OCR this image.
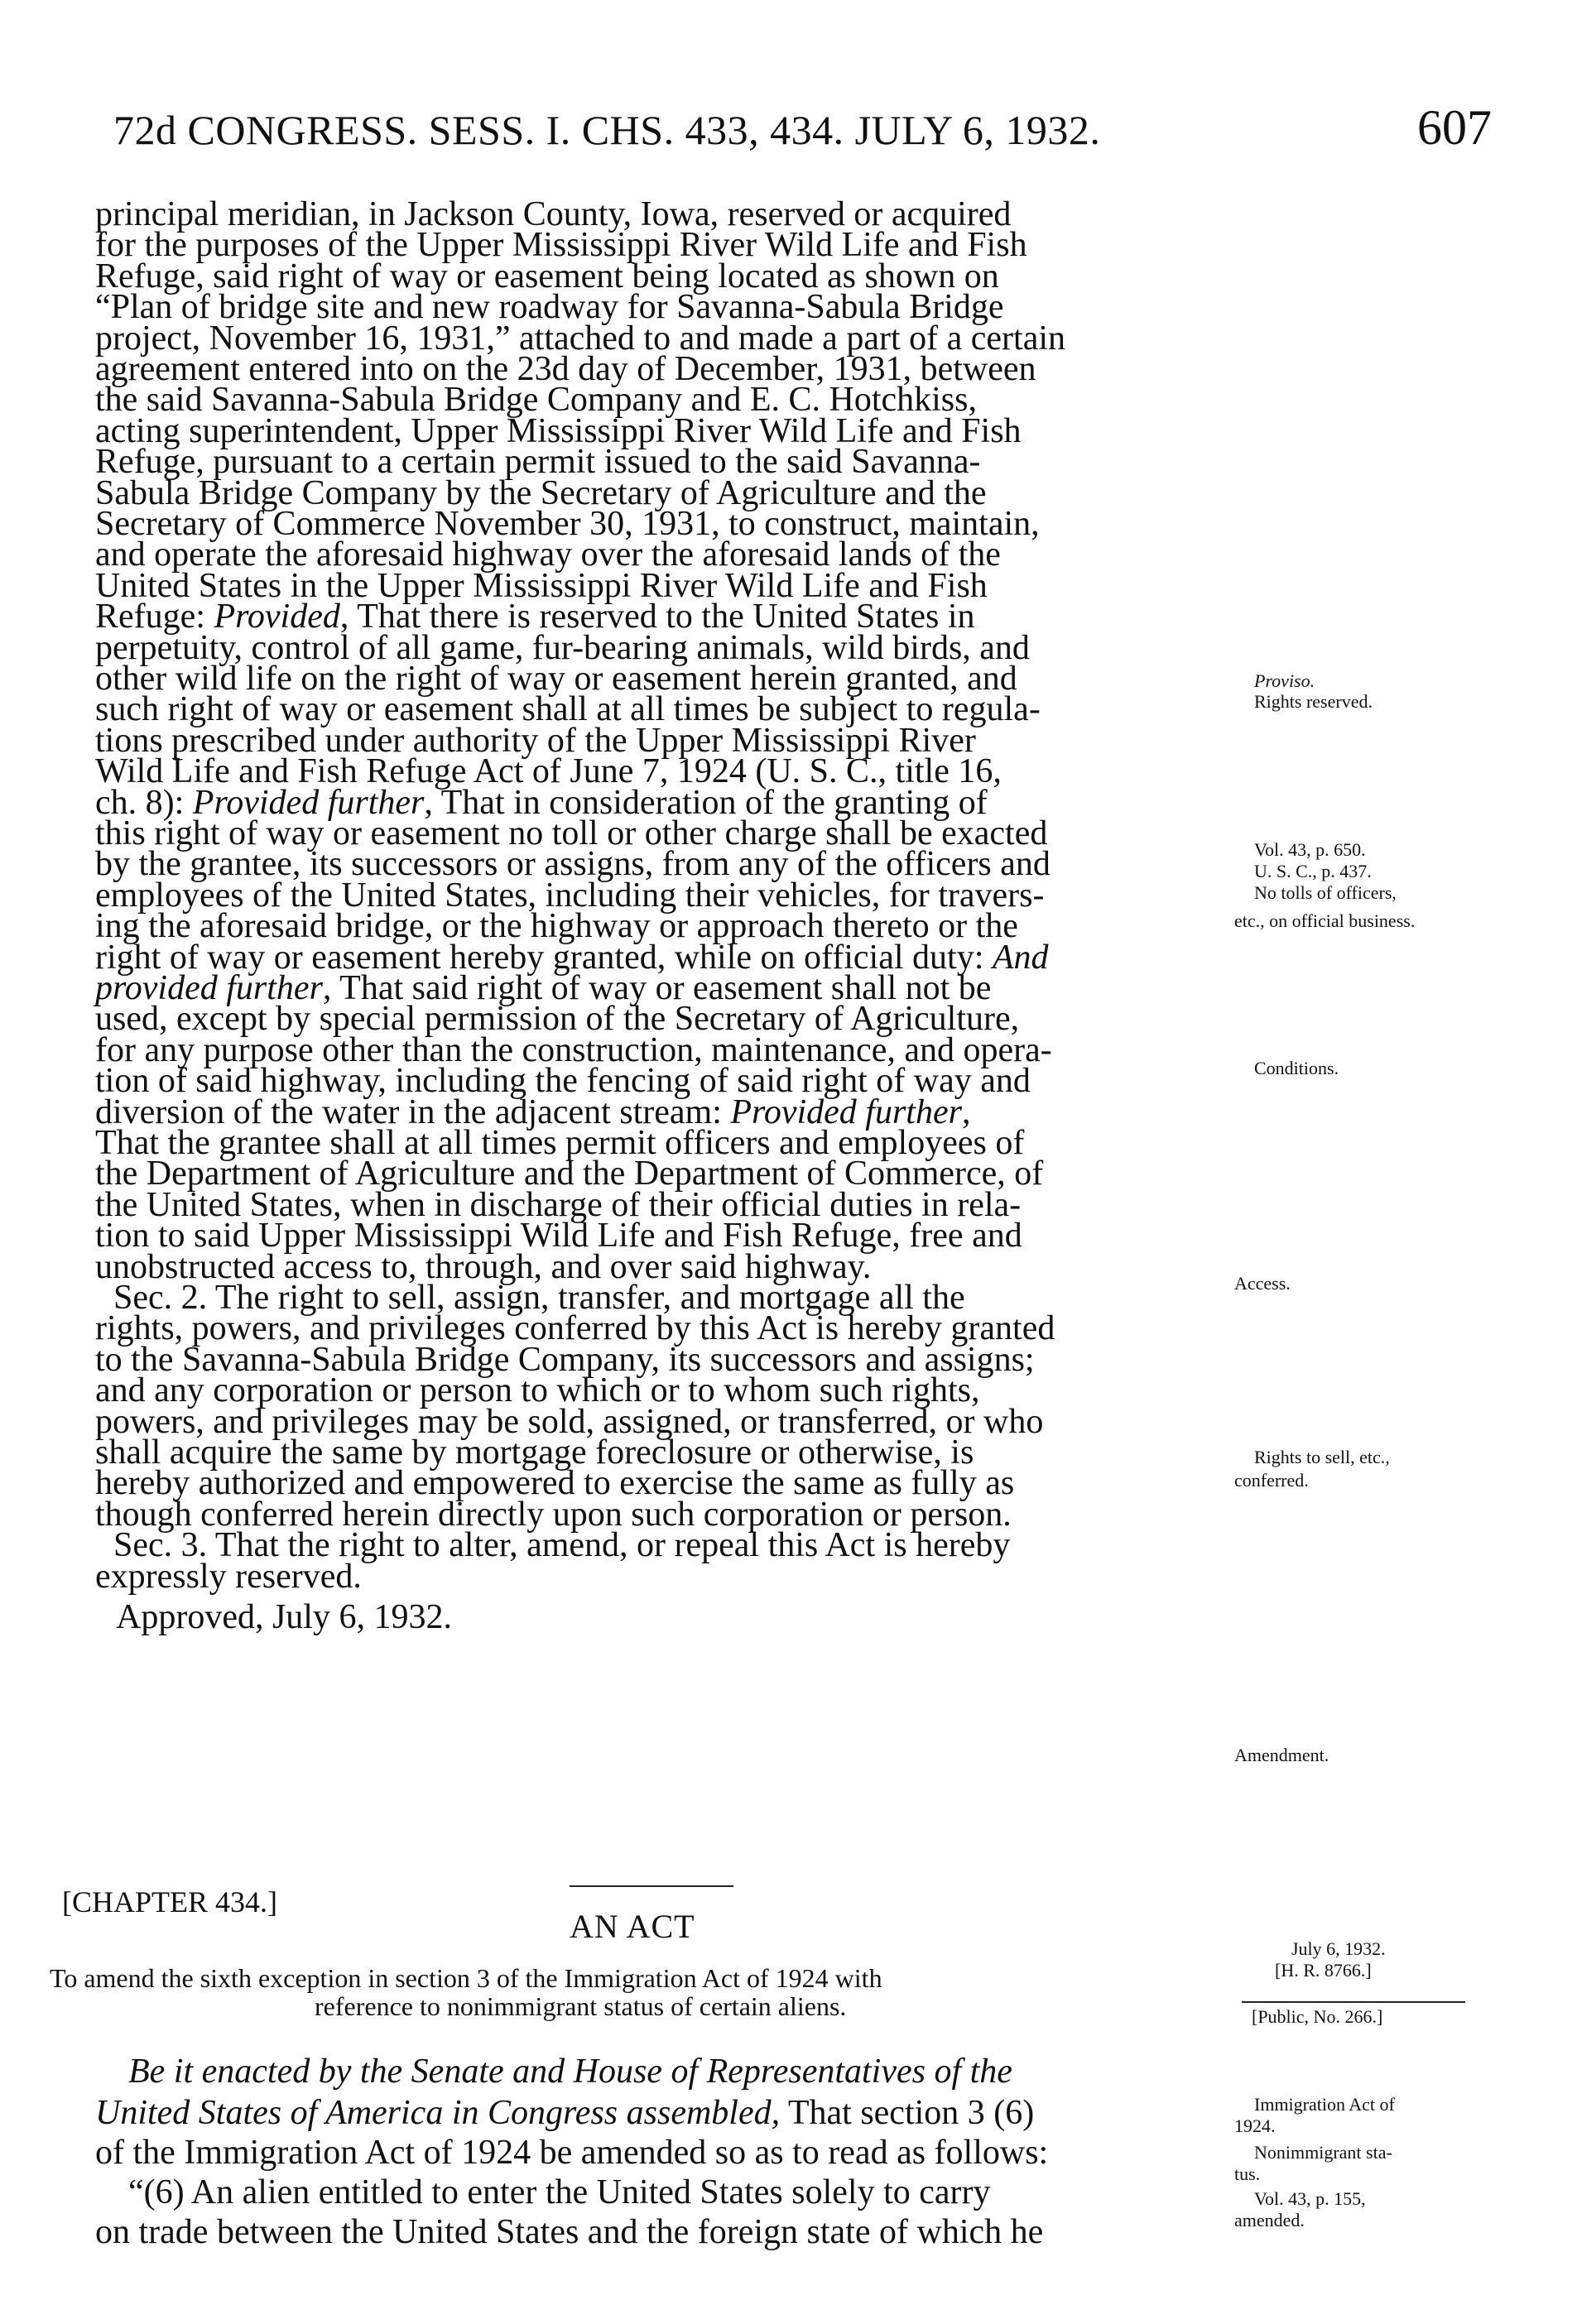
72d CONGRESS. SESS. I. CHS. 433, 434. JULY 6, 1932.	607
principal meridian, in Jackson County, Iowa, reserved or acquired
for the purposes of the Upper Mississippi River Wild Life and Fish
Refuge, said right of way or easement being located as shown on
“Plan of bridge site and new roadway for Savanna-Sabula Bridge
project, November 16, 1931,” attached to and made a part of a certain
agreement entered into on the 23d day of December, 1931, between
the said Savanna-Sabula Bridge Company and E. C. Hotchkiss,
acting superintendent, Upper Mississippi River Wild Life and Fish
Refuge, pursuant to a certain permit issued to the said Savanna-
Sabula Bridge Company by the Secretary of Agriculture and the
Secretary of Commerce November 30, 1931, to construct, maintain,
and operate the aforesaid highway over the aforesaid lands of the
United States in the Upper Mississippi River Wild Life and Fish
Refuge: Provided, That there is reserved to the United States in
perpetuity, control of all game, fur-bearing animals, wild birds, and
other wild life on the right of way or easement herein granted, and
such right of way or easement shall at all times be subject to regula-
tions prescribed under authority of the Upper Mississippi River
Wild Life and Fish Refuge Act of June 7, 1924 (U. S. C., title 16,
ch. 8): Provided further, That in consideration of the granting of
this right of way or easement no toll or other charge shall be exacted
by the grantee, its successors or assigns, from any of the officers and
employees of the United States, including their vehicles, for travers-
ing the aforesaid bridge, or the highway or approach thereto or the
right of way or easement hereby granted, while on official duty: And
provided further, That said right of way or easement shall not be
used, except by special permission of the Secretary of Agriculture,
for any purpose other than the construction, maintenance, and opera-
tion of said highway, including the fencing of said right of way and
diversion of the water in the adjacent stream: Provided further,
That the grantee shall at all times permit officers and employees of
the Department of Agriculture and the Department of Commerce, of
the United States, when in discharge of their official duties in rela-
tion to said Upper Mississippi Wild Life and Fish Refuge, free and
unobstructed access to, through, and over said highway.
Sec. 2. The right to sell, assign, transfer, and mortgage all the
rights, powers, and privileges conferred by this Act is hereby granted
to the Savanna-Sabula Bridge Company, its successors and assigns;
and any corporation or person to which or to whom such rights,
powers, and privileges may be sold, assigned, or transferred, or who
shall acquire the same by mortgage foreclosure or otherwise, is
hereby authorized and empowered to exercise the same as fully as
though conferred herein directly upon such corporation or person.
Sec. 3. That the right to alter, amend, or repeal this Act is hereby
expressly reserved.
Approved, July 6, 1932.
Proviso.
Rights reserved.
Vol. 43, p. 650.
U. S. C., p. 437.
No tolls of officers,
etc., on official business.
Conditions.
Access.
Rights to sell, etc.,
conferred.
Amendment.
[CHAPTER 434.]
AN ACT
To amend the sixth exception in section 3 of the Immigration Act of 1924 with
reference to nonimmigrant status of certain aliens.
July 6, 1932.
[H. R. 8766.]
[Public, No. 266.]
Be it enacted by the Senate and House of Representatives of the
United States of America in Congress assembled, That section 3 (6)
of the Immigration Act of 1924 be amended so as to read as follows:
“(6) An alien entitled to enter the United States solely to carry
on trade between the United States and the foreign state of which he
Immigration Act of
1924.
Nonimmigrant sta-
tus.
Vol. 43, p. 155,
amended.
